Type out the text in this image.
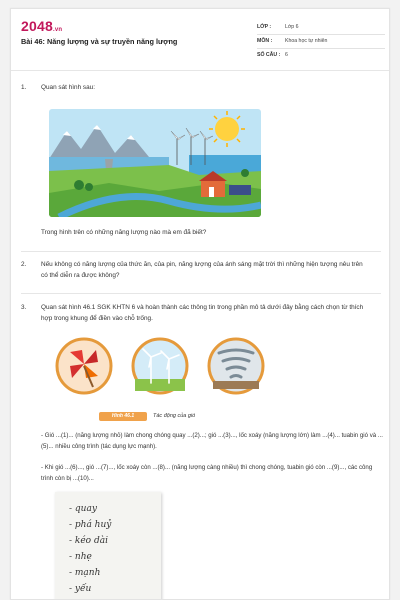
2048.vn
Bài 46: Năng lượng và sự truyền năng lượng
LỚP :	Lớp 6
MÔN : Khoa học tự nhiên
SỐ CÂU : 6
1.	Quan sát hình sau:
Trong hình trên có những năng lượng nào mà em đã biết?
2.	Nếu không có năng lượng của thức ăn, của pin, năng lượng của ánh sáng mặt trời thì những hiện tượng nêu trên có thể diễn ra được không?
3.	Quan sát hình 46.1 SGK KHTN 6 và hoàn thành các thông tin trong phần mô tả dưới đây bằng cách chọn từ thích hợp trong khung để điền vào chỗ trống.
Hình 46.1	Tác động của gió
- Gió ...(1)... (năng lượng nhỏ) làm chong chóng quay ...(2)...; gió ...(3)..., lốc xoáy (năng lượng lớn) làm ...(4)... tuabin gió và ...(5)... nhiều công trình (tác dụng lực mạnh).
- Khi gió ...(6)..., gió ...(7)..., lốc xoáy còn ...(8)... (năng lượng càng nhiều) thì chong chóng, tuabin gió còn ...(9)..., các công trình còn bị ...(10)...
- quay
- phá huỷ
- kéo dài
- nhẹ
- mạnh
- yếu
